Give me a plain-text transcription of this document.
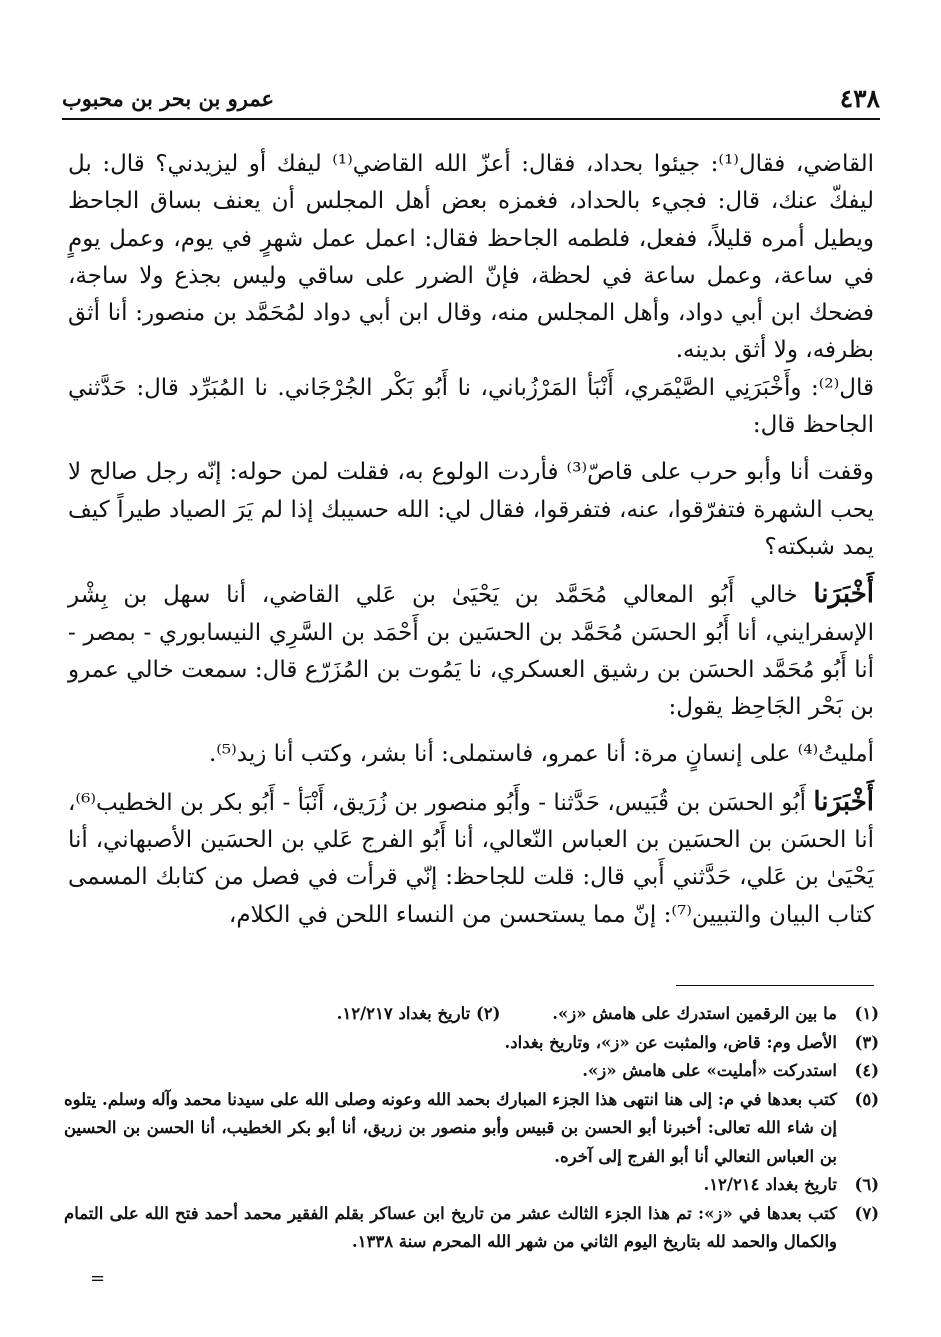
٤٣٨
عمرو بن بحر بن محبوب

القاضي، فقال⁽¹⁾: جيئوا بحداد، فقال: أعزّ الله القاضي⁽¹⁾ ليفك أو ليزيدني؟ قال: بل ليفكّ عنك، قال: فجيء بالحداد، فغمزه بعض أهل المجلس أن يعنف بساق الجاحظ ويطيل أمره قليلاً، ففعل، فلطمه الجاحظ فقال: اعمل عمل شهرٍ في يوم، وعمل يومٍ في ساعة، وعمل ساعة في لحظة، فإنّ الضرر على ساقي وليس بجذع ولا ساجة، فضحك ابن أبي دواد، وأهل المجلس منه، وقال ابن أبي دواد لمُحَمَّد بن منصور: أنا أثق بظرفه، ولا أثق بدينه.

قال⁽²⁾: وأَخْبَرَنِي الصَّيْمَري، أَنْبَأ المَرْزُباني، نا أَبُو بَكْر الجُرْجَاني. نا المُبَرِّد قال: حَدَّثني الجاحظ قال:

وقفت أنا وأبو حرب على قاصّ⁽³⁾ فأردت الولوع به، فقلت لمن حوله: إنّه رجل صالح لا يحب الشهرة فتفرّقوا، عنه، فتفرقوا، فقال لي: الله حسيبك إذا لم يَرَ الصياد طيراً كيف يمد شبكته؟

أَخْبَرَنا خالي أَبُو المعالي مُحَمَّد بن يَحْيَىٰ بن عَلي القاضي، أنا سهل بن بِشْر الإسفرايني، أنا أَبُو الحسَن مُحَمَّد بن الحسَين بن أَحْمَد بن السَّرِي النيسابوري - بمصر - أنا أَبُو مُحَمَّد الحسَن بن رشيق العسكري، نا يَمُوت بن المُزَرّع قال: سمعت خالي عمرو بن بَحْر الجَاحِظ يقول:

أمليتُ⁽⁴⁾ على إنسانٍ مرة: أنا عمرو، فاستملى: أنا بشر، وكتب أنا زيد⁽⁵⁾.

أَخْبَرَنا أَبُو الحسَن بن قُبَيس، حَدَّثنا - وأَبُو منصور بن زُرَيق، أَنْبَأ - أَبُو بكر بن الخطيب⁽⁶⁾، أنا الحسَن بن الحسَين بن العباس النّعالي، أنا أَبُو الفرج عَلي بن الحسَين الأصبهاني، أنا يَحْيَىٰ بن عَلي، حَدَّثني أَبي قال: قلت للجاحظ: إنّي قرأت في فصل من كتابك المسمى كتاب البيان والتبيين⁽⁷⁾: إنّ مما يستحسن من النساء اللحن في الكلام،

(١)
ما بين الرقمين استدرك على هامش «ز». (٢) تاريخ بغداد ١٢/٢١٧.
(٣)
الأصل وم: قاض، والمثبت عن «ز»، وتاريخ بغداد.
(٤)
استدركت «أمليت» على هامش «ز».
(٥)
كتب بعدها في م: إلى هنا انتهى هذا الجزء المبارك بحمد الله وعونه وصلى الله على سيدنا محمد وآله وسلم. يتلوه إن شاء الله تعالى: أخبرنا أبو الحسن بن قبيس وأبو منصور بن زريق، أنا أبو بكر الخطيب، أنا الحسن بن الحسين بن العباس النعالي أنا أبو الفرج إلى آخره.
(٦)
تاريخ بغداد ١٢/٢١٤.
(٧)
كتب بعدها في «ز»: تم هذا الجزء الثالث عشر من تاريخ ابن عساكر بقلم الفقير محمد أحمد فتح الله على التمام والكمال والحمد لله بتاريخ اليوم الثاني من شهر الله المحرم سنة ١٣٣٨.
=
